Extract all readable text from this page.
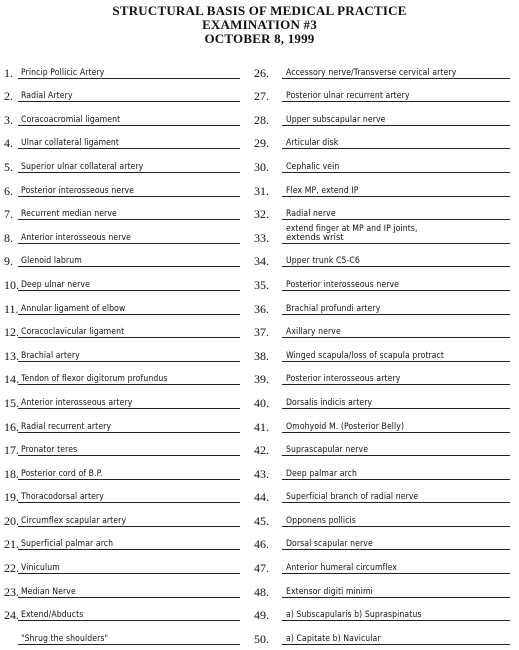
STRUCTURAL BASIS OF MEDICAL PRACTICE
EXAMINATION #3
OCTOBER 8, 1999
1. Princip Pollicic Artery
2. Radial Artery
3. Coracoacromial ligament
4. Ulnar collateral ligament
5. Superior ulnar collateral artery
6. Posterior interosseous nerve
7. Recurrent median nerve
8. Anterior interosseous nerve
9. Glenoid labrum
10. Deep ulnar nerve
11. Annular ligament of elbow
12. Coracoclavicular ligament
13. Brachial artery
14. Tendon of flexor digitorum profundus
15. Anterior interosseous artery
16. Radial recurrent artery
17. Pronator teres
18. Posterior cord of B.P.
19. Thoracodorsal artery
20. Circumflex scapular artery
21. Superficial palmar arch
22. Viniculum
23. Median Nerve
24. Extend/Abducts
"Shrug the shoulders"
26.	Accessory nerve/Transverse cervical artery
27.	Posterior ulnar recurrent artery
28.	Upper subscapular nerve
29.	Articular disk
30.	Cephalic vein
31.	Flex MP, extend IP
32.	Radial nerve
33.
extend finger at MP and IP joints,
extends wrist
34.	Upper trunk C5-C6
35.	Posterior interosseous nerve
36.	Brachial profundi artery
37.	Axillary nerve
38.	Winged scapula/loss of scapula protract
39.	Posterior interosseous artery
40.	Dorsalis indicis artery
41.	Omohyoid M. (Posterior Belly)
42.	Suprascapular nerve
43.	Deep palmar arch
44.	Superficial branch of radial nerve
45.	Opponens pollicis
46.	Dorsal scapular nerve
47.	Anterior humeral circumflex
48.	Extensor digiti minimi
49.	a) Subscapularis b) Supraspinatus
50.	a) Capitate b) Navicular
